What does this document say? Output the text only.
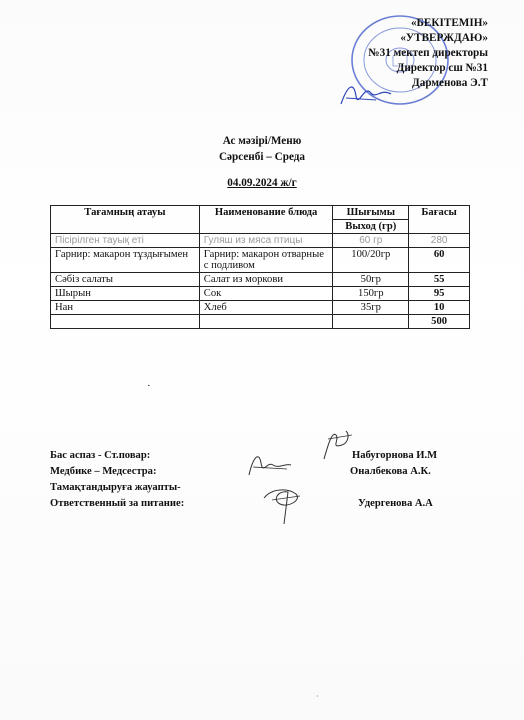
«БЕКІТЕМІН»
«УТВЕРЖДАЮ»
№31 мектеп директоры
Директор сш №31
Дарменова Э.Т
Ас мәзірі/Меню
Сәрсенбі – Среда
04.09.2024 ж/г
Тағамның атауы	Наименование блюда	Шығымы	Бағасы
		Выход (гр)	
Пісірілген тауық еті	Гуляш из мяса птицы	60 гр	280
Гарнир: макарон тұздығымен	Гарнир: макарон отварные с подливом	100/20гр	60
Сәбіз салаты	Салат из моркови	50гр	55
Шырын	Сок	150гр	95
Нан	Хлеб	35гр	10
			500
·
Бас аспаз - Ст.повар:
Медбике – Медсестра:
Тамақтандыруға жауапты-
Ответственный за питание:
Набугорнова И.М
Оналбекова А.К.
Удергенова А.А
·
